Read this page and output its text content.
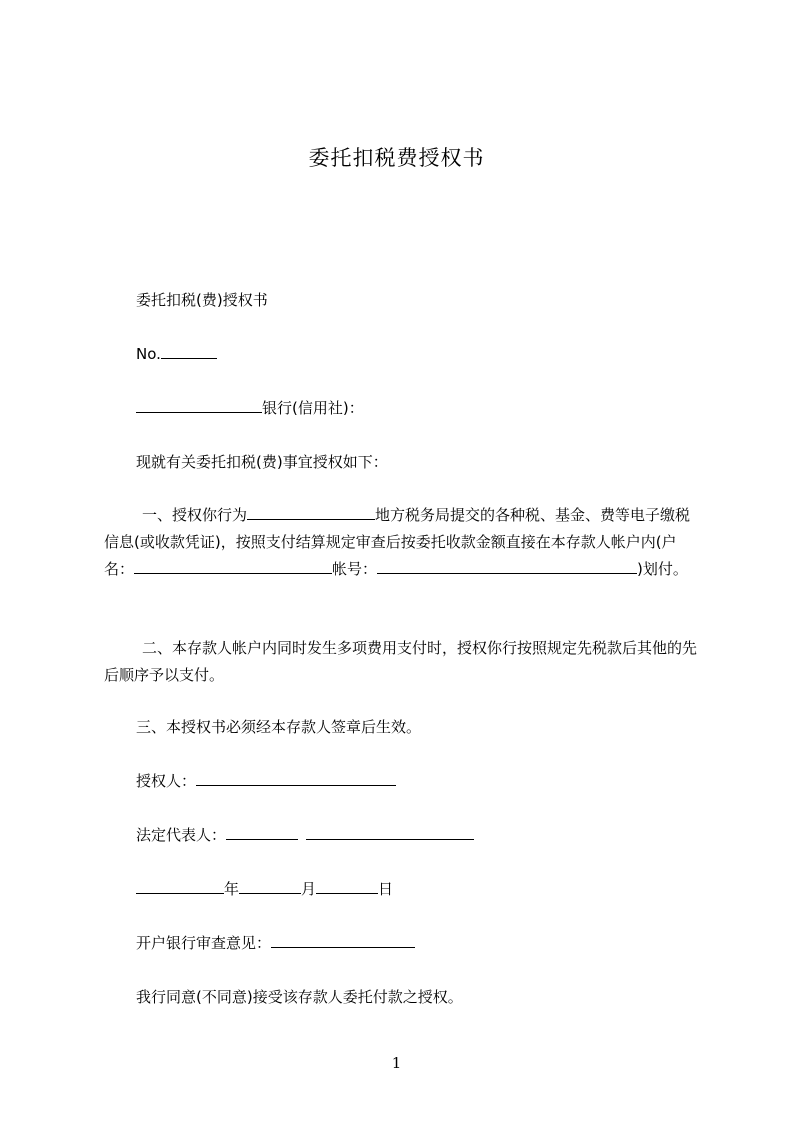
委托扣税费授权书
委托扣税(费)授权书
No.
银行(信用社)：
现就有关委托扣税(费)事宜授权如下：
一、授权你行为	地方税务局提交的各种税、基金、费等电子缴税信息(或收款凭证)，按照支付结算规定审查后按委托收款金额直接在本存款人帐户内(户名：	帐号：	)划付。
二、本存款人帐户内同时发生多项费用支付时，授权你行按照规定先税款后其他的先后顺序予以支付。
三、本授权书必须经本存款人签章后生效。
授权人：
法定代表人：
年	月	日
开户银行审查意见：
我行同意(不同意)接受该存款人委托付款之授权。
1
